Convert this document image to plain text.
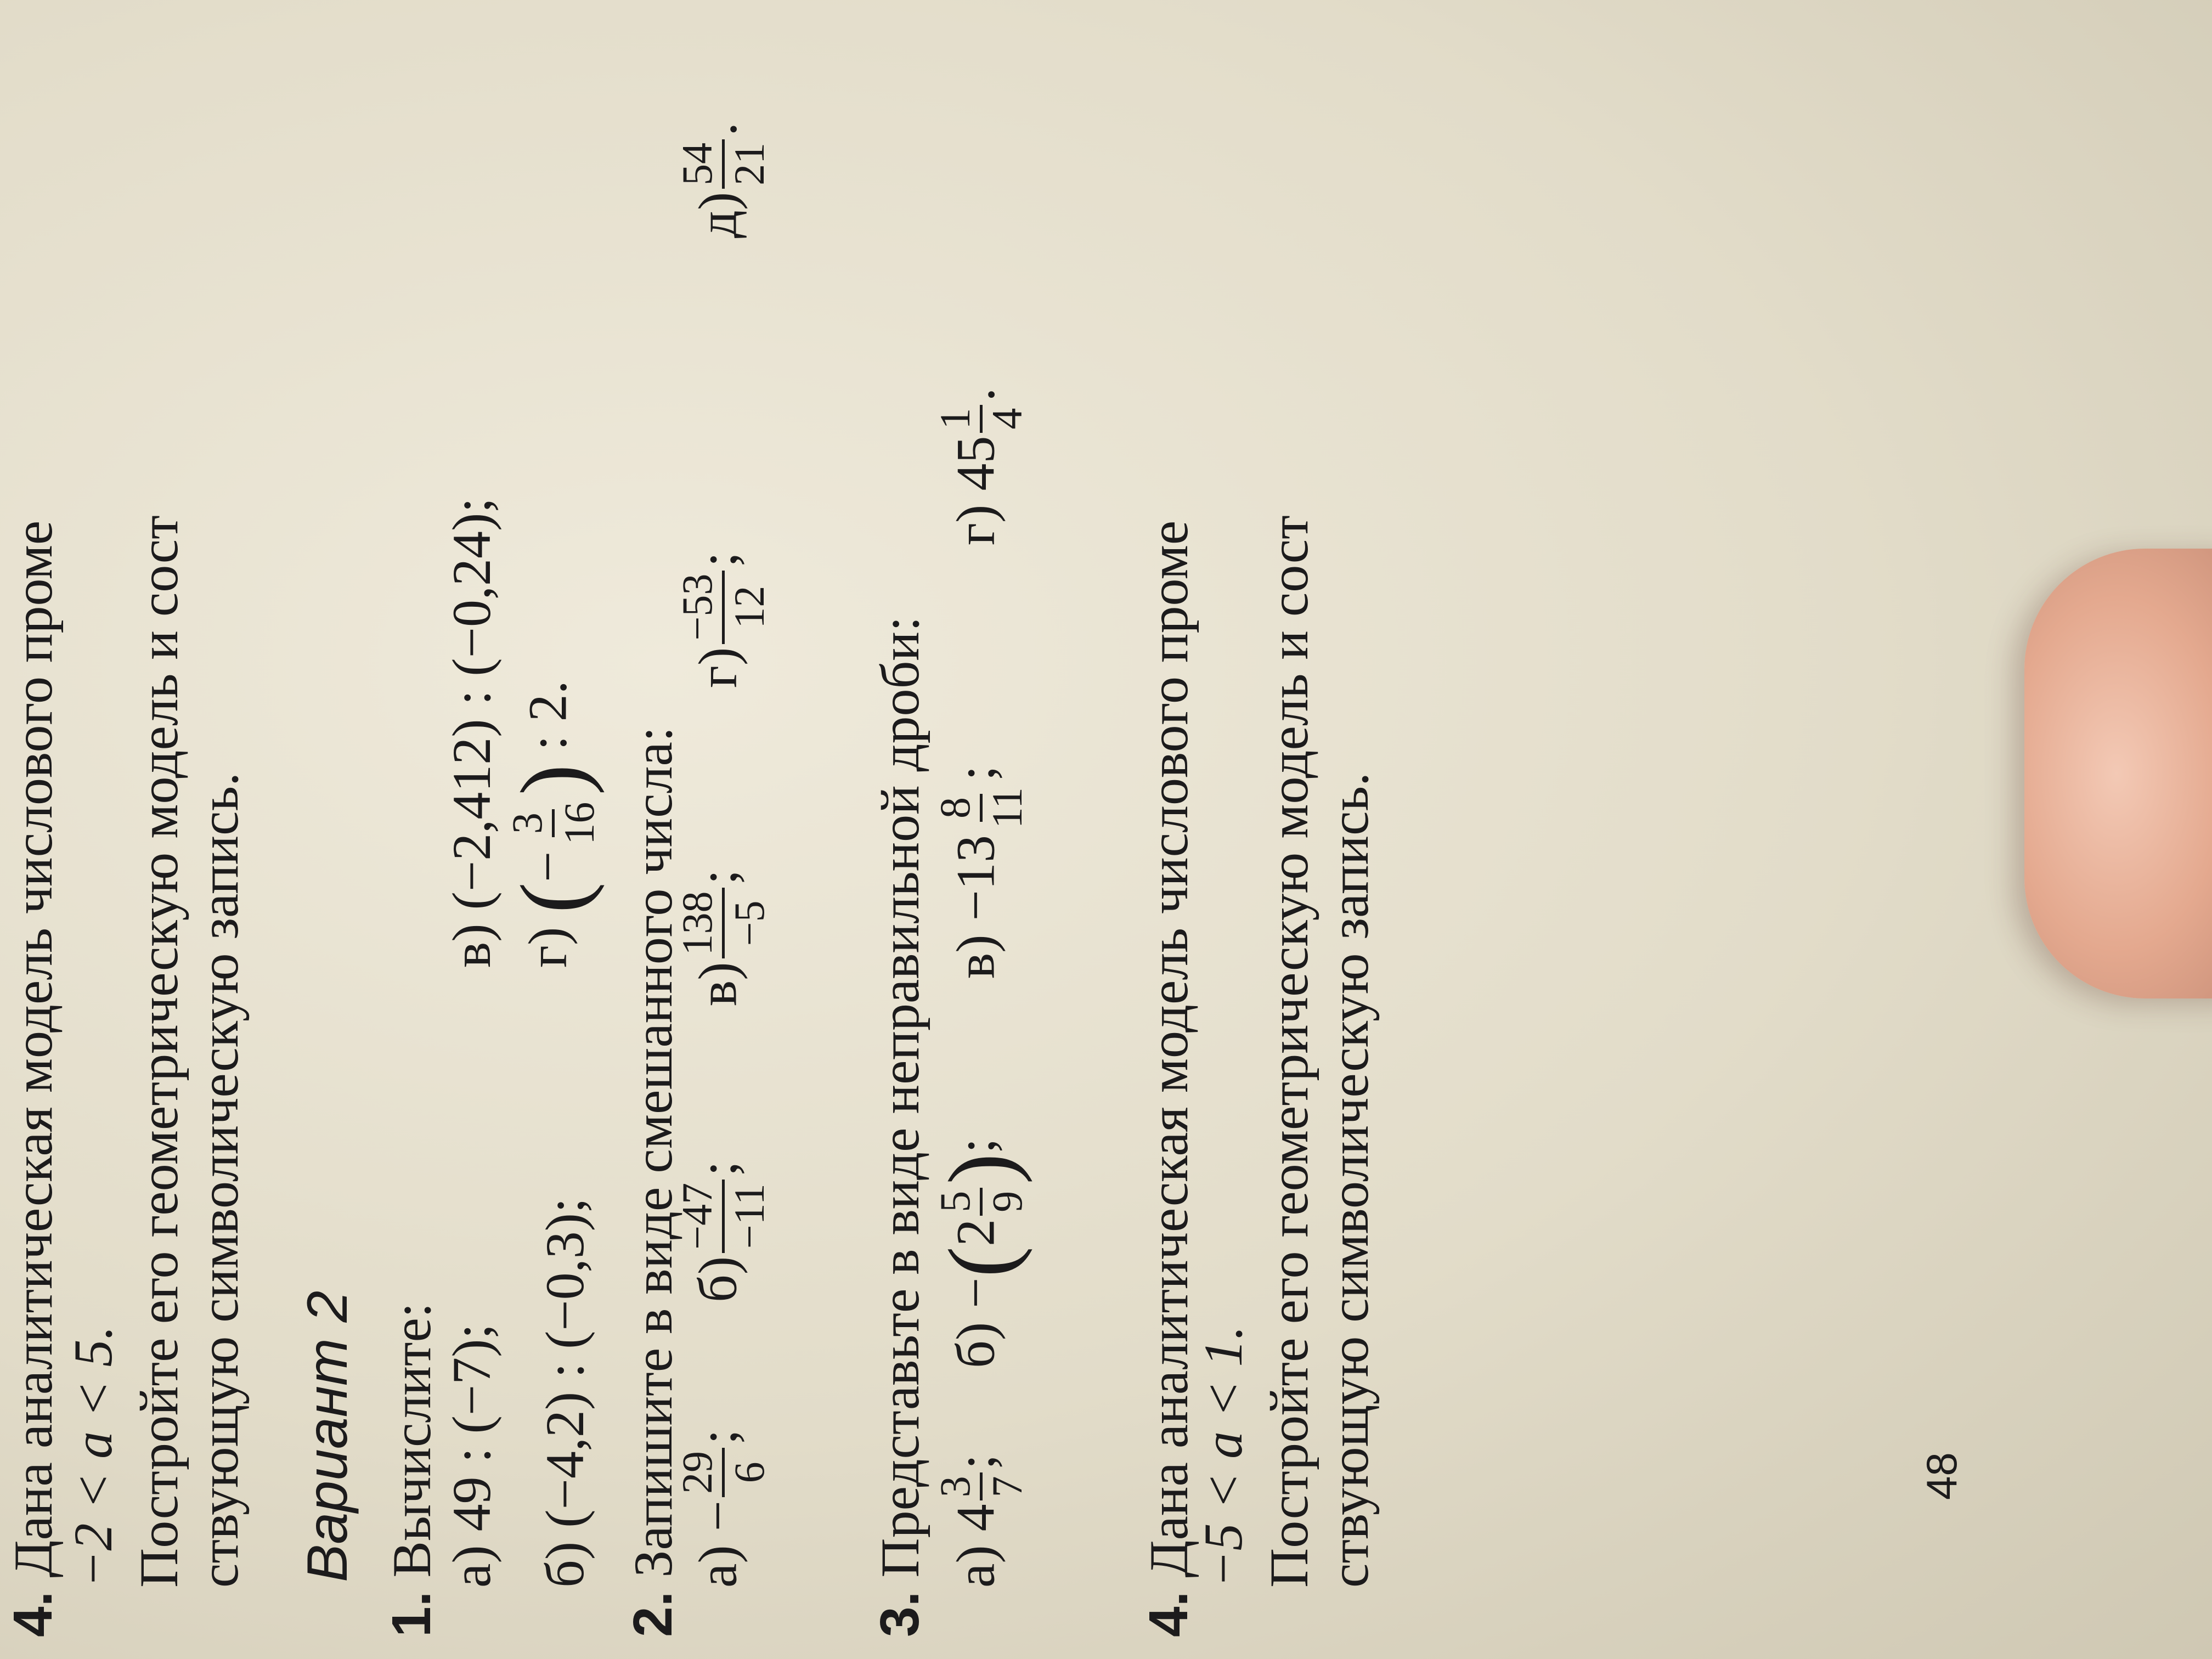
4. Дана аналитическая модель числового проме
−2 < a < 5. Постройте его геометрическую модель и сост ствующую символическую запись. Вариант 2
1. Вычислите:
а) 49 : (−7);
в) (−2,412) : (−0,24);
б) (−4,2) : (−0,3);
г) (−
3 16
) : 2.
2. Запишите в виде смешанного числа: а) −
29 6
;
б)
−47 −11
;
в)
138 −5
;
г)
−53 12
;
д)
54 21
.
3. Представьте в виде неправильной дроби: а) 4
3 7
;
б) −(2
5 9
);
в) −13
8 11
;
г) 45
1 4
.
4. Дана аналитическая модель числового проме
−5 < a < 1. Постройте его геометрическую модель и сост ствующую символическую запись.	48
